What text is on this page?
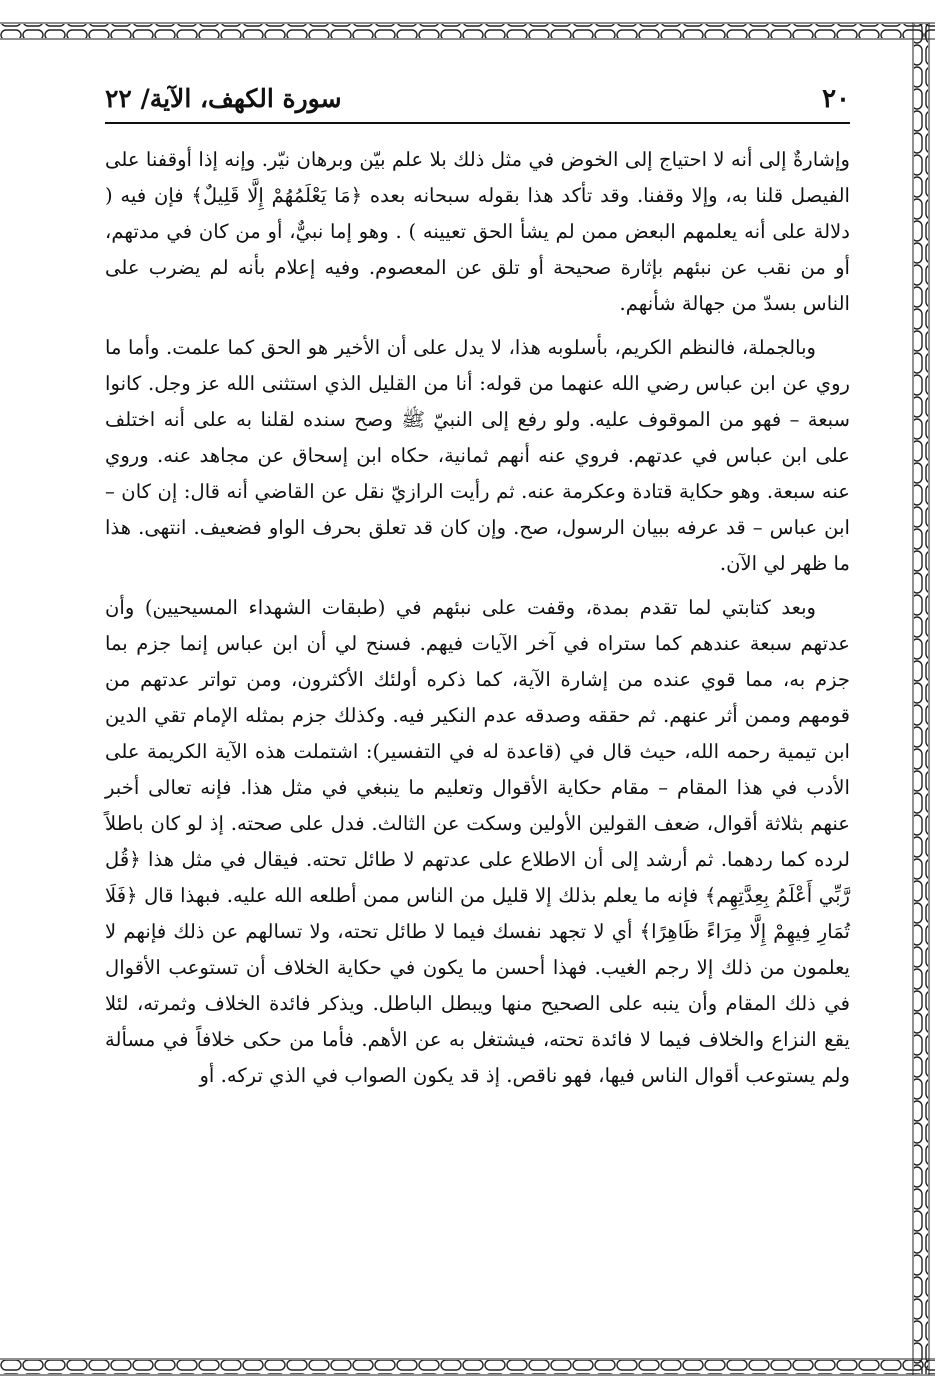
٢٠
سورة الكهف، الآية/ ٢٢

وإشارةٌ إلى أنه لا احتياج إلى الخوض في مثل ذلك بلا علم بيّن وبرهان نيّر. وإنه إذا أوقفنا على الفيصل قلنا به، وإلا وقفنا. وقد تأكد هذا بقوله سبحانه بعده ﴿مَا يَعْلَمُهُمْ إِلَّا قَلِيلٌ﴾ فإن فيه ( دلالة على أنه يعلمهم البعض ممن لم يشأ الحق تعيينه ) . وهو إما نبيٌّ، أو من كان في مدتهم، أو من نقب عن نبئهم بإثارة صحيحة أو تلق عن المعصوم. وفيه إعلام بأنه لم يضرب على الناس بسدّ من جهالة شأنهم.

وبالجملة، فالنظم الكريم، بأسلوبه هذا، لا يدل على أن الأخير هو الحق كما علمت. وأما ما روي عن ابن عباس رضي الله عنهما من قوله: أنا من القليل الذي استثنى الله عز وجل. كانوا سبعة – فهو من الموقوف عليه. ولو رفع إلى النبيّ ﷺ وصح سنده لقلنا به على أنه اختلف على ابن عباس في عدتهم. فروي عنه أنهم ثمانية، حكاه ابن إسحاق عن مجاهد عنه. وروي عنه سبعة. وهو حكاية قتادة وعكرمة عنه. ثم رأيت الرازيّ نقل عن القاضي أنه قال: إن كان – ابن عباس – قد عرفه ببيان الرسول، صح. وإن كان قد تعلق بحرف الواو فضعيف. انتهى. هذا ما ظهر لي الآن.

وبعد كتابتي لما تقدم بمدة، وقفت على نبئهم في (طبقات الشهداء المسيحيين) وأن عدتهم سبعة عندهم كما ستراه في آخر الآيات فيهم. فسنح لي أن ابن عباس إنما جزم بما جزم به، مما قوي عنده من إشارة الآية، كما ذكره أولئك الأكثرون، ومن تواتر عدتهم من قومهم وممن أثر عنهم. ثم حققه وصدقه عدم النكير فيه. وكذلك جزم بمثله الإمام تقي الدين ابن تيمية رحمه الله، حيث قال في (قاعدة له في التفسير): اشتملت هذه الآية الكريمة على الأدب في هذا المقام – مقام حكاية الأقوال وتعليم ما ينبغي في مثل هذا. فإنه تعالى أخبر عنهم بثلاثة أقوال، ضعف القولين الأولين وسكت عن الثالث. فدل على صحته. إذ لو كان باطلاً لرده كما ردهما. ثم أرشد إلى أن الاطلاع على عدتهم لا طائل تحته. فيقال في مثل هذا ﴿قُل رَّبِّي أَعْلَمُ بِعِدَّتِهِم﴾ فإنه ما يعلم بذلك إلا قليل من الناس ممن أطلعه الله عليه. فبهذا قال ﴿فَلَا تُمَارِ فِيهِمْ إِلَّا مِرَاءً ظَاهِرًا﴾ أي لا تجهد نفسك فيما لا طائل تحته، ولا تسالهم عن ذلك فإنهم لا يعلمون من ذلك إلا رجم الغيب. فهذا أحسن ما يكون في حكاية الخلاف أن تستوعب الأقوال في ذلك المقام وأن ينبه على الصحيح منها ويبطل الباطل. ويذكر فائدة الخلاف وثمرته، لئلا يقع النزاع والخلاف فيما لا فائدة تحته، فيشتغل به عن الأهم. فأما من حكى خلافاً في مسألة ولم يستوعب أقوال الناس فيها، فهو ناقص. إذ قد يكون الصواب في الذي تركه. أو
